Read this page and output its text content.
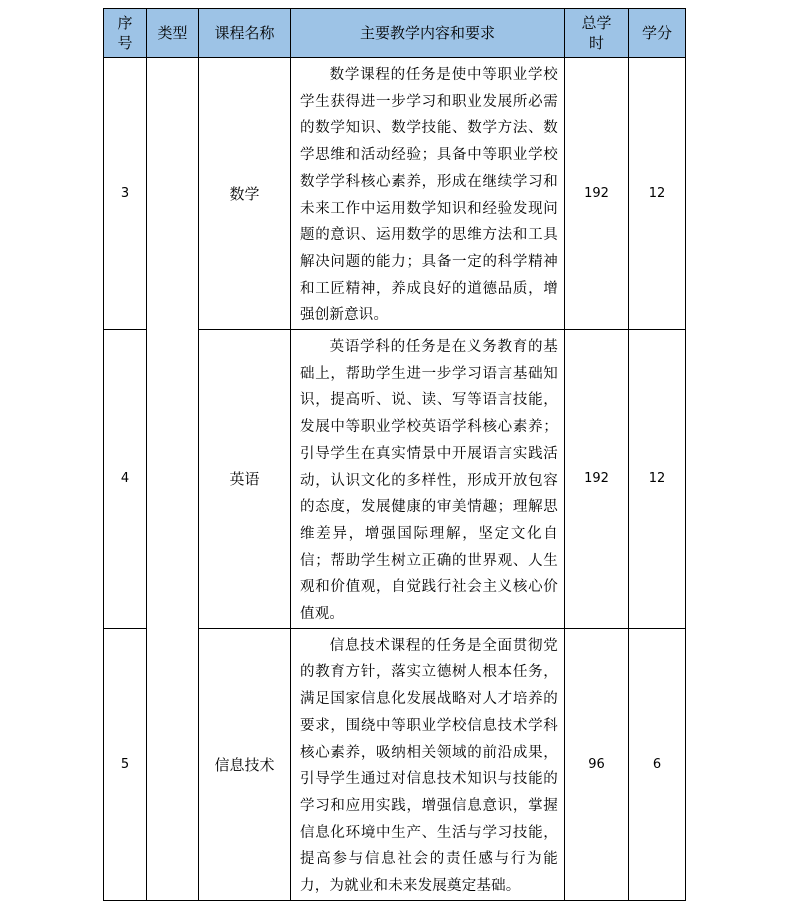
序号	类型	课程名称	主要教学内容和要求	总学时	学分
3		数学	数学课程的任务是使中等职业学校学生获得进一步学习和职业发展所必需的数学知识、数学技能、数学方法、数学思维和活动经验；具备中等职业学校数学学科核心素养，形成在继续学习和未来工作中运用数学知识和经验发现问题的意识、运用数学的思维方法和工具解决问题的能力；具备一定的科学精神和工匠精神，养成良好的道德品质，增强创新意识。	192	12
4		英语	英语学科的任务是在义务教育的基础上，帮助学生进一步学习语言基础知识，提高听、说、读、写等语言技能，发展中等职业学校英语学科核心素养；引导学生在真实情景中开展语言实践活动，认识文化的多样性，形成开放包容的态度，发展健康的审美情趣；理解思维差异，增强国际理解，坚定文化自信；帮助学生树立正确的世界观、人生观和价值观，自觉践行社会主义核心价值观。	192	12
5		信息技术	信息技术课程的任务是全面贯彻党的教育方针，落实立德树人根本任务，满足国家信息化发展战略对人才培养的要求，围绕中等职业学校信息技术学科核心素养，吸纳相关领域的前沿成果，引导学生通过对信息技术知识与技能的学习和应用实践，增强信息意识，掌握信息化环境中生产、生活与学习技能，提高参与信息社会的责任感与行为能力，为就业和未来发展奠定基础。	96	6
